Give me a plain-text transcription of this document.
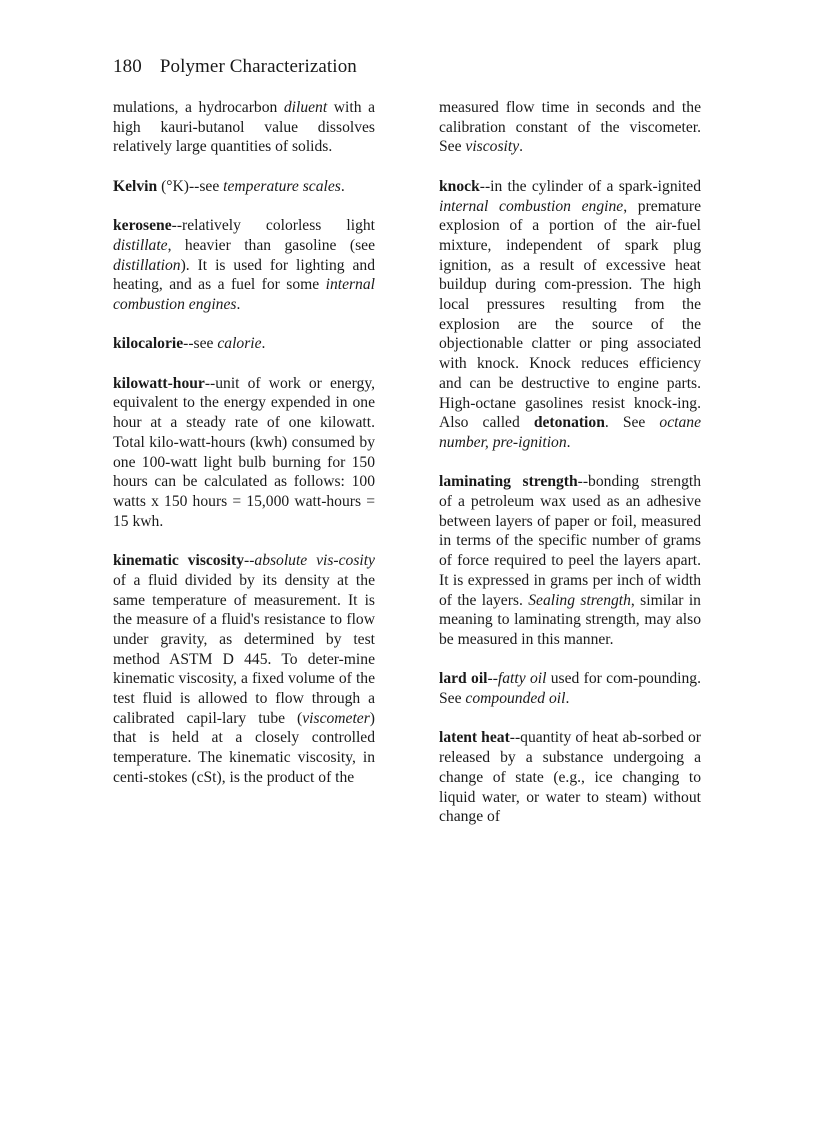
180 Polymer Characterization

mulations, a hydrocarbon diluent with a high kauri-butanol value dissolves relatively large quantities of solids.

Kelvin (°K)--see temperature scales.

kerosene--relatively colorless light distillate, heavier than gasoline (see distillation). It is used for lighting and heating, and as a fuel for some internal combustion engines.

kilocalorie--see calorie.

kilowatt-hour--unit of work or energy, equivalent to the energy expended in one hour at a steady rate of one kilowatt. Total kilo-watt-hours (kwh) consumed by one 100-watt light bulb burning for 150 hours can be calculated as follows: 100 watts x 150 hours = 15,000 watt-hours = 15 kwh.

kinematic viscosity--absolute vis-cosity of a fluid divided by its density at the same temperature of measurement. It is the measure of a fluid's resistance to flow under gravity, as determined by test method ASTM D 445. To deter-mine kinematic viscosity, a fixed volume of the test fluid is allowed to flow through a calibrated capil-lary tube (viscometer) that is held at a closely controlled temperature. The kinematic viscosity, in centi-stokes (cSt), is the product of the

measured flow time in seconds and the calibration constant of the viscometer. See viscosity.

knock--in the cylinder of a spark-ignited internal combustion engine, premature explosion of a portion of the air-fuel mixture, independent of spark plug ignition, as a result of excessive heat buildup during com-pression. The high local pressures resulting from the explosion are the source of the objectionable clatter or ping associated with knock. Knock reduces efficiency and can be destructive to engine parts. High-octane gasolines resist knock-ing. Also called detonation. See octane number, pre-ignition.

laminating strength--bonding strength of a petroleum wax used as an adhesive between layers of paper or foil, measured in terms of the specific number of grams of force required to peel the layers apart. It is expressed in grams per inch of width of the layers. Sealing strength, similar in meaning to laminating strength, may also be measured in this manner.

lard oil--fatty oil used for com-pounding. See compounded oil.

latent heat--quantity of heat ab-sorbed or released by a substance undergoing a change of state (e.g., ice changing to liquid water, or water to steam) without change of
